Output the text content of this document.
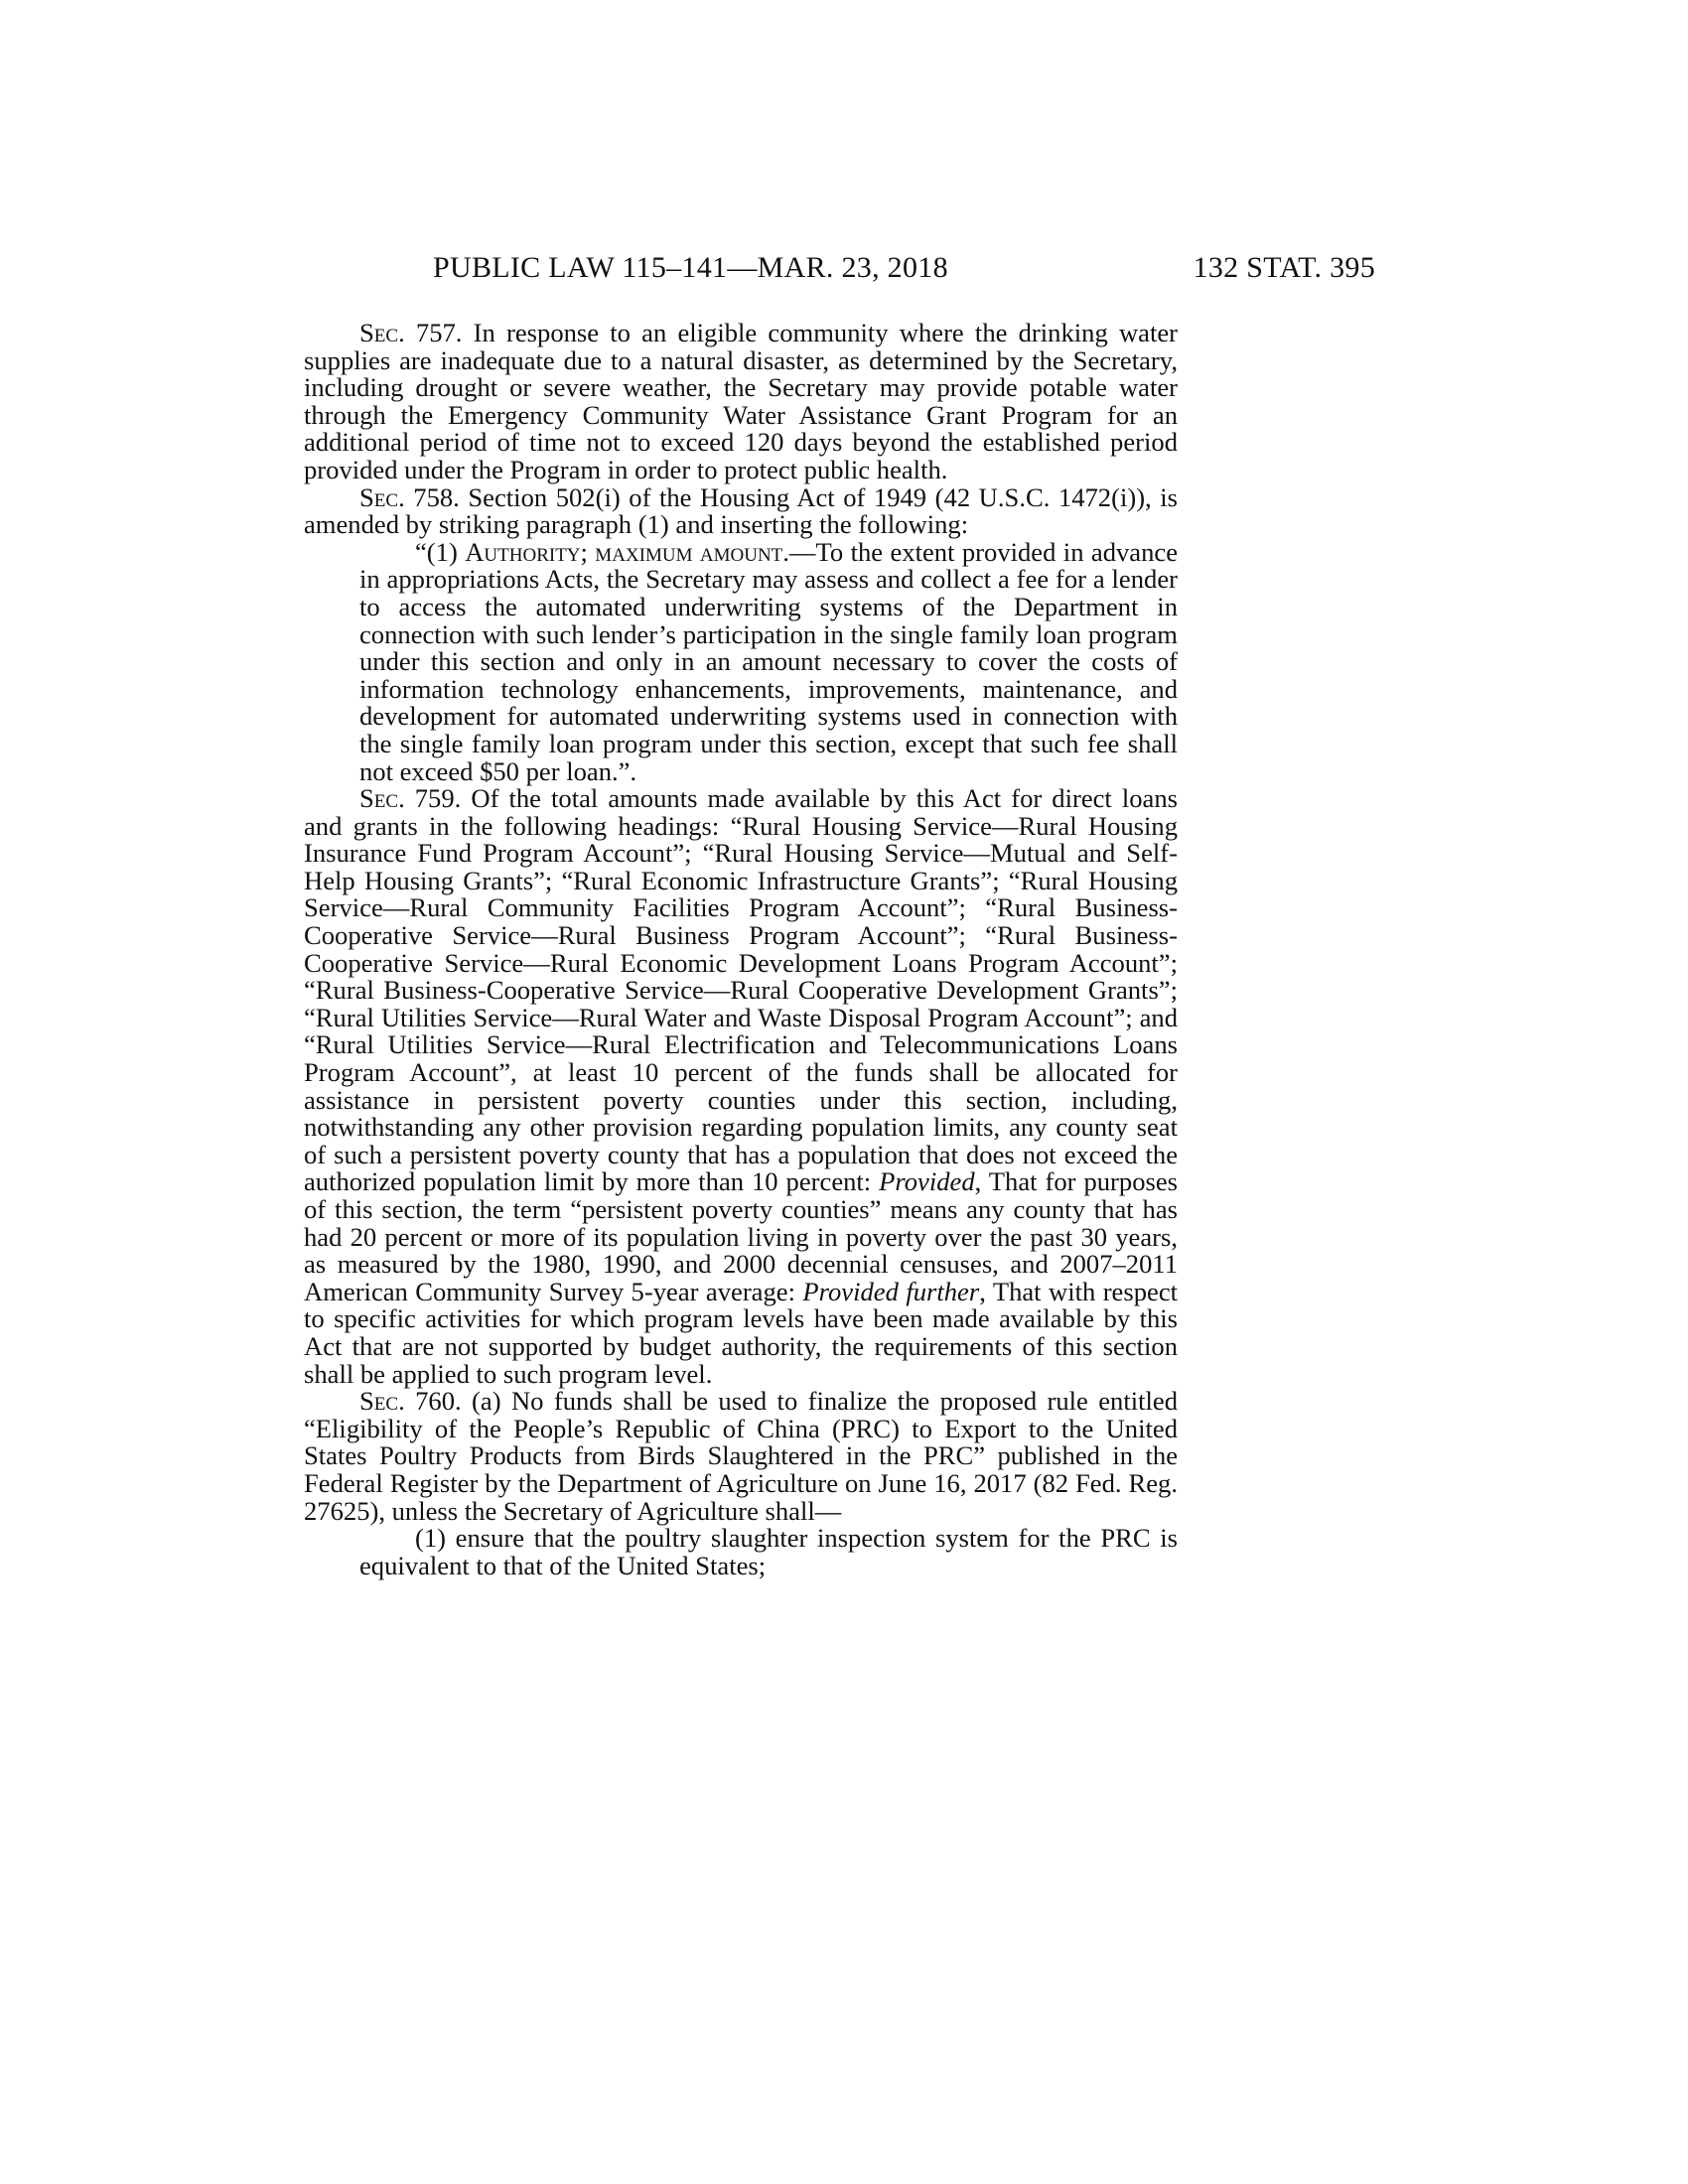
PUBLIC LAW 115–141—MAR. 23, 2018	132 STAT. 395

Sec. 757. In response to an eligible community where the drinking water supplies are inadequate due to a natural disaster, as determined by the Secretary, including drought or severe weather, the Secretary may provide potable water through the Emergency Community Water Assistance Grant Program for an additional period of time not to exceed 120 days beyond the established period provided under the Program in order to protect public health.

Sec. 758. Section 502(i) of the Housing Act of 1949 (42 U.S.C. 1472(i)), is amended by striking paragraph (1) and inserting the following:

“(1) Authority; maximum amount.—To the extent provided in advance in appropriations Acts, the Secretary may assess and collect a fee for a lender to access the automated underwriting systems of the Department in connection with such lender’s participation in the single family loan program under this section and only in an amount necessary to cover the costs of information technology enhancements, improvements, maintenance, and development for automated underwriting systems used in connection with the single family loan program under this section, except that such fee shall not exceed $50 per loan.”.

Sec. 759. Of the total amounts made available by this Act for direct loans and grants in the following headings: “Rural Housing Service—Rural Housing Insurance Fund Program Account”; “Rural Housing Service—Mutual and Self-Help Housing Grants”; “Rural Economic Infrastructure Grants”; “Rural Housing Service—Rural Community Facilities Program Account”; “Rural Business-Cooperative Service—Rural Business Program Account”; “Rural Business-Cooperative Service—Rural Economic Development Loans Program Account”; “Rural Business-Cooperative Service—Rural Cooperative Development Grants”; “Rural Utilities Service—Rural Water and Waste Disposal Program Account”; and “Rural Utilities Service—Rural Electrification and Telecommunications Loans Program Account”, at least 10 percent of the funds shall be allocated for assistance in persistent poverty counties under this section, including, notwithstanding any other provision regarding population limits, any county seat of such a persistent poverty county that has a population that does not exceed the authorized population limit by more than 10 percent: Provided, That for purposes of this section, the term “persistent poverty counties” means any county that has had 20 percent or more of its population living in poverty over the past 30 years, as measured by the 1980, 1990, and 2000 decennial censuses, and 2007–2011 American Community Survey 5-year average: Provided further, That with respect to specific activities for which program levels have been made available by this Act that are not supported by budget authority, the requirements of this section shall be applied to such program level.

Sec. 760. (a) No funds shall be used to finalize the proposed rule entitled “Eligibility of the People’s Republic of China (PRC) to Export to the United States Poultry Products from Birds Slaughtered in the PRC” published in the Federal Register by the Department of Agriculture on June 16, 2017 (82 Fed. Reg. 27625), unless the Secretary of Agriculture shall—

(1) ensure that the poultry slaughter inspection system for the PRC is equivalent to that of the United States;
